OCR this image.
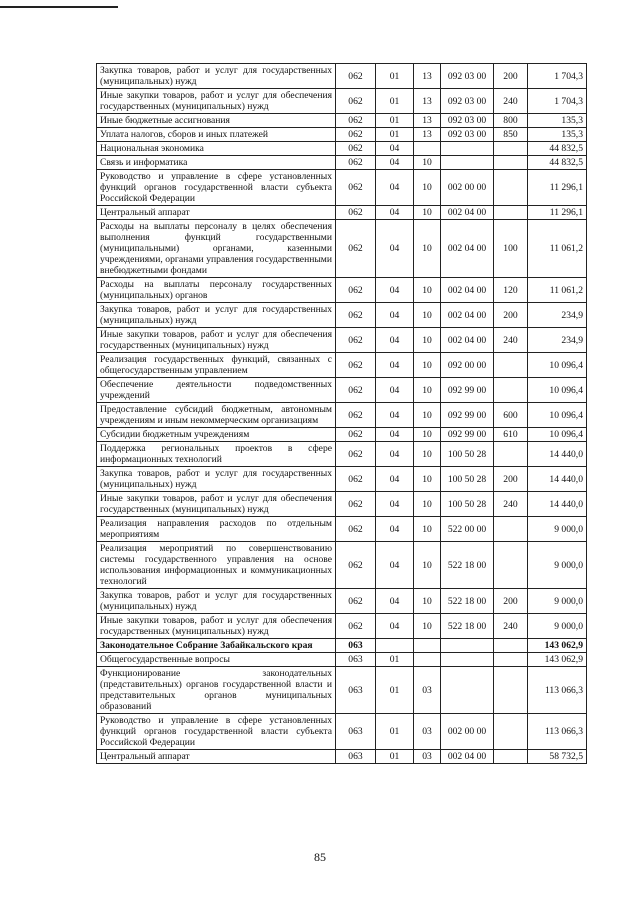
Закупка товаров, работ и услуг для государственных (муниципальных) нужд	062	01	13	092 03 00	200	1 704,3
Иные закупки товаров, работ и услуг для обеспечения государственных (муниципальных) нужд	062	01	13	092 03 00	240	1 704,3
Иные бюджетные ассигнования	062	01	13	092 03 00	800	135,3
Уплата налогов, сборов и иных платежей	062	01	13	092 03 00	850	135,3
Национальная экономика	062	04				44 832,5
Связь и информатика	062	04	10			44 832,5
Руководство и управление в сфере установленных функций органов государственной власти субъекта Российской Федерации	062	04	10	002 00 00		11 296,1
Центральный аппарат	062	04	10	002 04 00		11 296,1
Расходы на выплаты персоналу в целях обеспечения выполнения функций государственными (муниципальными) органами, казенными учреждениями, органами управления государственными внебюджетными фондами	062	04	10	002 04 00	100	11 061,2
Расходы на выплаты персоналу государственных (муниципальных) органов	062	04	10	002 04 00	120	11 061,2
Закупка товаров, работ и услуг для государственных (муниципальных) нужд	062	04	10	002 04 00	200	234,9
Иные закупки товаров, работ и услуг для обеспечения государственных (муниципальных) нужд	062	04	10	002 04 00	240	234,9
Реализация государственных функций, связанных с общегосударственным управлением	062	04	10	092 00 00		10 096,4
Обеспечение деятельности подведомственных учреждений	062	04	10	092 99 00		10 096,4
Предоставление субсидий бюджетным, автономным учреждениям и иным некоммерческим организациям	062	04	10	092 99 00	600	10 096,4
Субсидии бюджетным учреждениям	062	04	10	092 99 00	610	10 096,4
Поддержка региональных проектов в сфере информационных технологий	062	04	10	100 50 28		14 440,0
Закупка товаров, работ и услуг для государственных (муниципальных) нужд	062	04	10	100 50 28	200	14 440,0
Иные закупки товаров, работ и услуг для обеспечения государственных (муниципальных) нужд	062	04	10	100 50 28	240	14 440,0
Реализация направления расходов по отдельным мероприятиям	062	04	10	522 00 00		9 000,0
Реализация мероприятий по совершенствованию системы государственного управления на основе использования информационных и коммуникационных технологий	062	04	10	522 18 00		9 000,0
Закупка товаров, работ и услуг для государственных (муниципальных) нужд	062	04	10	522 18 00	200	9 000,0
Иные закупки товаров, работ и услуг для обеспечения государственных (муниципальных) нужд	062	04	10	522 18 00	240	9 000,0
Законодательное Собрание Забайкальского края	063					143 062,9
Общегосударственные вопросы	063	01				143 062,9
Функционирование законодательных (представительных) органов государственной власти и представительных органов муниципальных образований	063	01	03			113 066,3
Руководство и управление в сфере установленных функций органов государственной власти субъекта Российской Федерации	063	01	03	002 00 00		113 066,3
Центральный аппарат	063	01	03	002 04 00		58 732,5
85
